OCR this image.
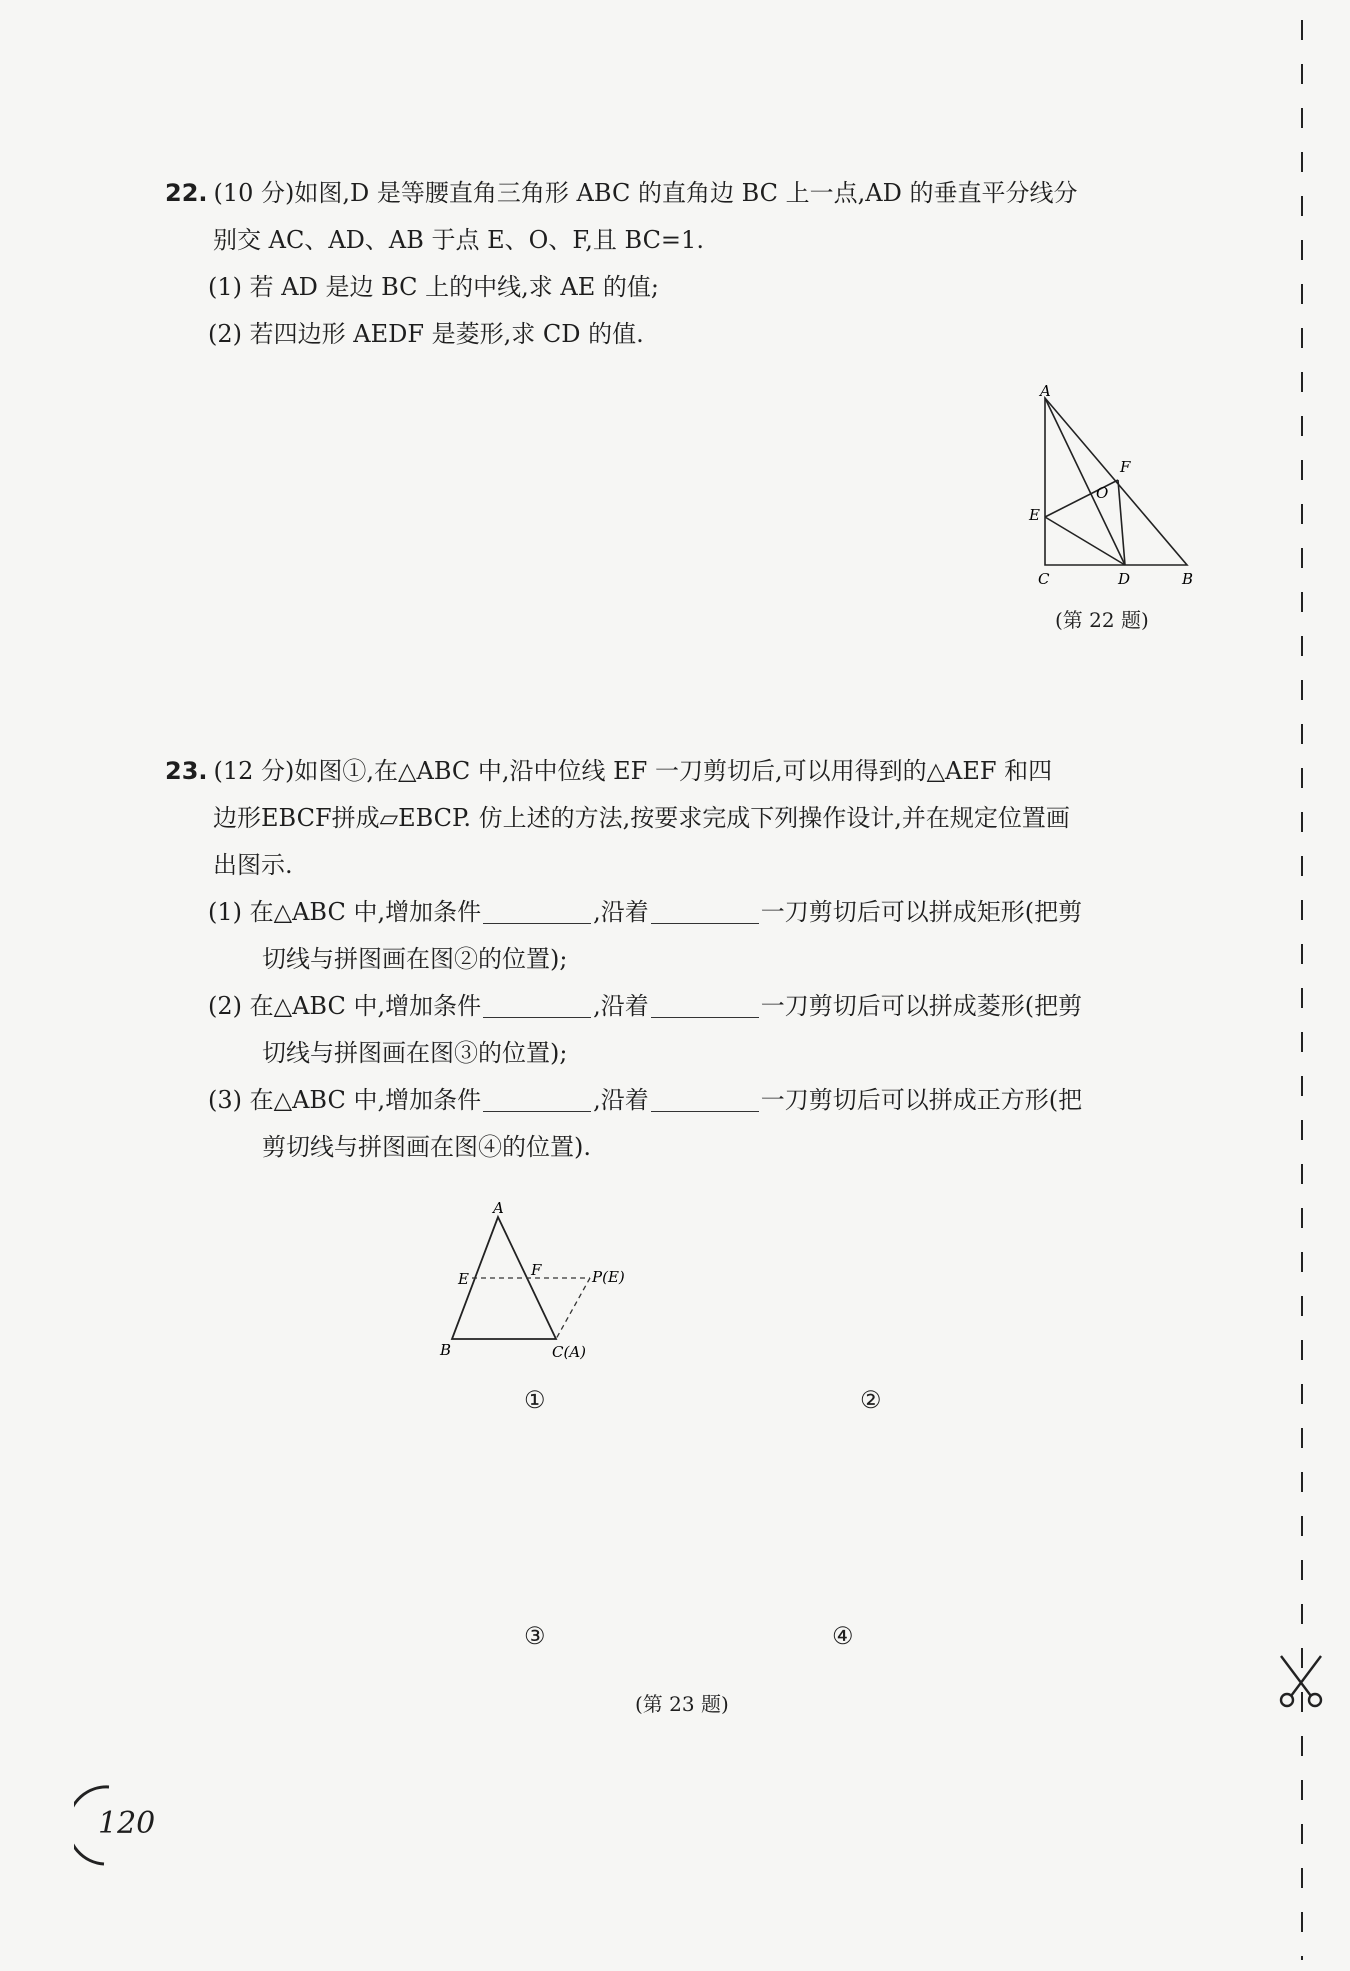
22. (10 分)如图,D 是等腰直角三角形 ABC 的直角边 BC 上一点,AD 的垂直平分线分
别交 AC、AD、AB 于点 E、O、F,且 BC=1.
(1) 若 AD 是边 BC 上的中线,求 AE 的值;
(2) 若四边形 AEDF 是菱形,求 CD 的值.
A
F
O
E
C	D	B
(第 22 题)
23. (12 分)如图①,在△ABC 中,沿中位线 EF 一刀剪切后,可以用得到的△AEF 和四
边形EBCF拼成▱EBCP. 仿上述的方法,按要求完成下列操作设计,并在规定位置画
出图示.
(1) 在△ABC 中,增加条件	,沿着	一刀剪切后可以拼成矩形(把剪
切线与拼图画在图②的位置);
(2) 在△ABC 中,增加条件	,沿着	一刀剪切后可以拼成菱形(把剪
切线与拼图画在图③的位置);
(3) 在△ABC 中,增加条件	,沿着	一刀剪切后可以拼成正方形(把
剪切线与拼图画在图④的位置).
A
E	F	P(E)
B	C(A)
①	②
③	④
(第 23 题)
120
